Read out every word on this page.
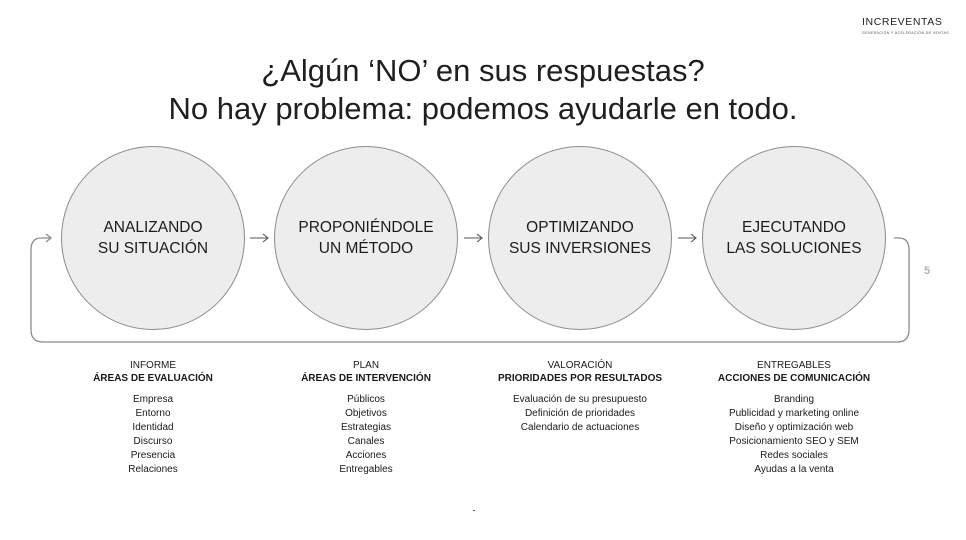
INCREVENTAS
GENERACIÓN Y ACELERACIÓN DE VENTAS
¿Algún ‘NO’ en sus respuestas?
No hay problema: podemos ayudarle en todo.
ANALIZANDO
SU SITUACIÓN
PROPONIÉNDOLE
UN MÉTODO
OPTIMIZANDO
SUS INVERSIONES
EJECUTANDO
LAS SOLUCIONES
5
INFORME
ÁREAS DE EVALUACIÓN
Empresa
Entorno
Identidad
Discurso
Presencia
Relaciones
PLAN
ÁREAS DE INTERVENCIÓN
Públicos
Objetivos
Estrategias
Canales
Acciones
Entregables
VALORACIÓN
PRIORIDADES POR RESULTADOS
Evaluación de su presupuesto
Definición de prioridades
Calendario de actuaciones
ENTREGABLES
ACCIONES DE COMUNICACIÓN
Branding
Publicidad y marketing online
Diseño y optimización web
Posicionamiento SEO y SEM
Redes sociales
Ayudas a la venta
